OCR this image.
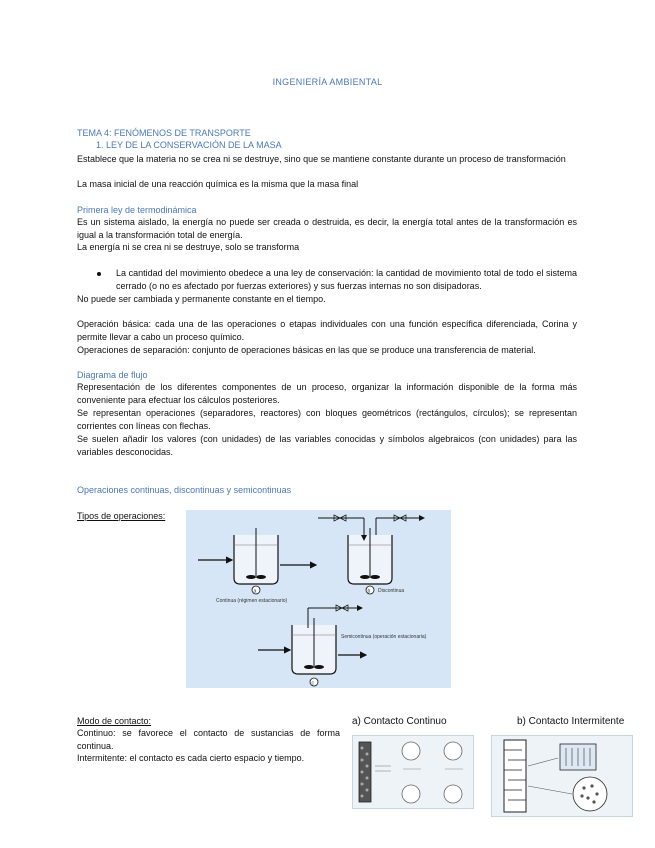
INGENIERÍA AMBIENTAL
TEMA 4: FENÓMENOS DE TRANSPORTE
1. LEY DE LA CONSERVACIÓN DE LA MASA
Establece que la materia no se crea ni se destruye, sino que se mantiene constante durante un proceso de transformación
La masa inicial de una reacción química es la misma que la masa final
Primera ley de termodinámica
Es un sistema aislado, la energía no puede ser creada o destruida, es decir, la energía total antes de la transformación es igual a la transformación total de energía.
La energía ni se crea ni se destruye, solo se transforma
La cantidad del movimiento obedece a una ley de conservación: la cantidad de movimiento total de todo el sistema cerrado (o no es afectado por fuerzas exteriores) y sus fuerzas internas no son disipadoras.
No puede ser cambiada y permanente constante en el tiempo.
Operación básica: cada una de las operaciones o etapas individuales con una función específica diferenciada, Corina y permite llevar a cabo un proceso químico.
Operaciones de separación: conjunto de operaciones básicas en las que se produce una transferencia de material.
Diagrama de flujo
Representación de los diferentes componentes de un proceso, organizar la información disponible de la forma más conveniente para efectuar los cálculos posteriores.
Se representan operaciones (separadores, reactores) con bloques geométricos (rectángulos, círculos); se representan corrientes con líneas con flechas.
Se suelen añadir los valores (con unidades) de las variables conocidas y símbolos algebraicos (con unidades) para las variables desconocidas.
Operaciones continuas, discontinuas y semicontinuas
Tipos de operaciones:
a	b Discontinua
Continua (régimen estacionario)
c
Semicontinua (operación estacionaria)
Modo de contacto:
Continuo: se favorece el contacto de sustancias de forma continua.
Intermitente: el contacto es cada cierto espacio y tiempo.
a) Contacto Continuo	b) Contacto Intermitente
